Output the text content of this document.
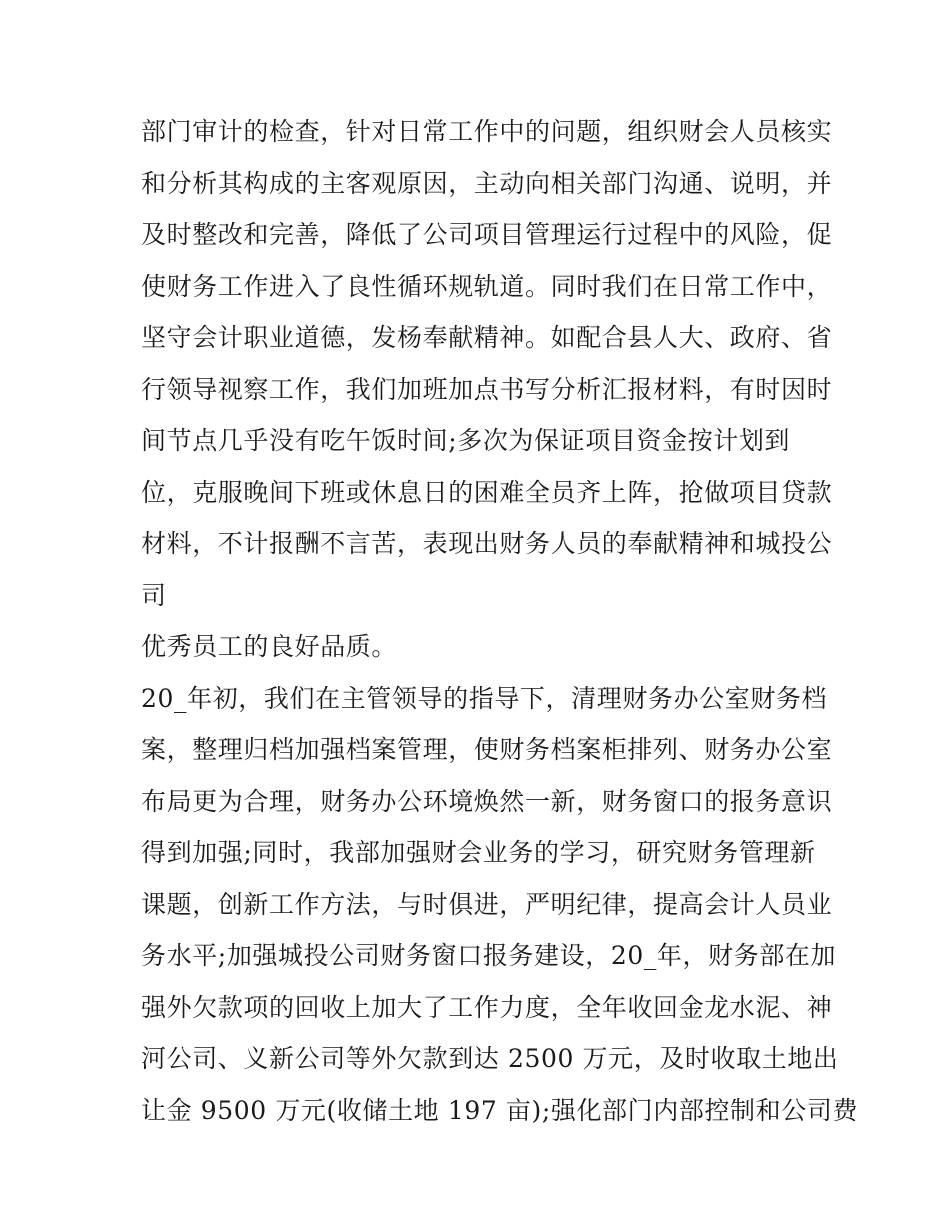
部门审计的检查，针对日常工作中的问题，组织财会人员核实
和分析其构成的主客观原因，主动向相关部门沟通、说明，并
及时整改和完善，降低了公司项目管理运行过程中的风险，促
使财务工作进入了良性循环规轨道。同时我们在日常工作中，
坚守会计职业道德，发杨奉献精神。如配合县人大、政府、省
行领导视察工作，我们加班加点书写分析汇报材料，有时因时
间节点几乎没有吃午饭时间;多次为保证项目资金按计划到
位，克服晚间下班或休息日的困难全员齐上阵，抢做项目贷款
材料，不计报酬不言苦，表现出财务人员的奉献精神和城投公
司
优秀员工的良好品质。
20_年初，我们在主管领导的指导下，清理财务办公室财务档
案，整理归档加强档案管理，使财务档案柜排列、财务办公室
布局更为合理，财务办公环境焕然一新，财务窗口的报务意识
得到加强;同时，我部加强财会业务的学习，研究财务管理新
课题，创新工作方法，与时俱进，严明纪律，提高会计人员业
务水平;加强城投公司财务窗口报务建设，20_年，财务部在加
强外欠款项的回收上加大了工作力度，全年收回金龙水泥、神
河公司、义新公司等外欠款到达 2500 万元，及时收取土地出
让金 9500 万元(收储土地 197 亩);强化部门内部控制和公司费
